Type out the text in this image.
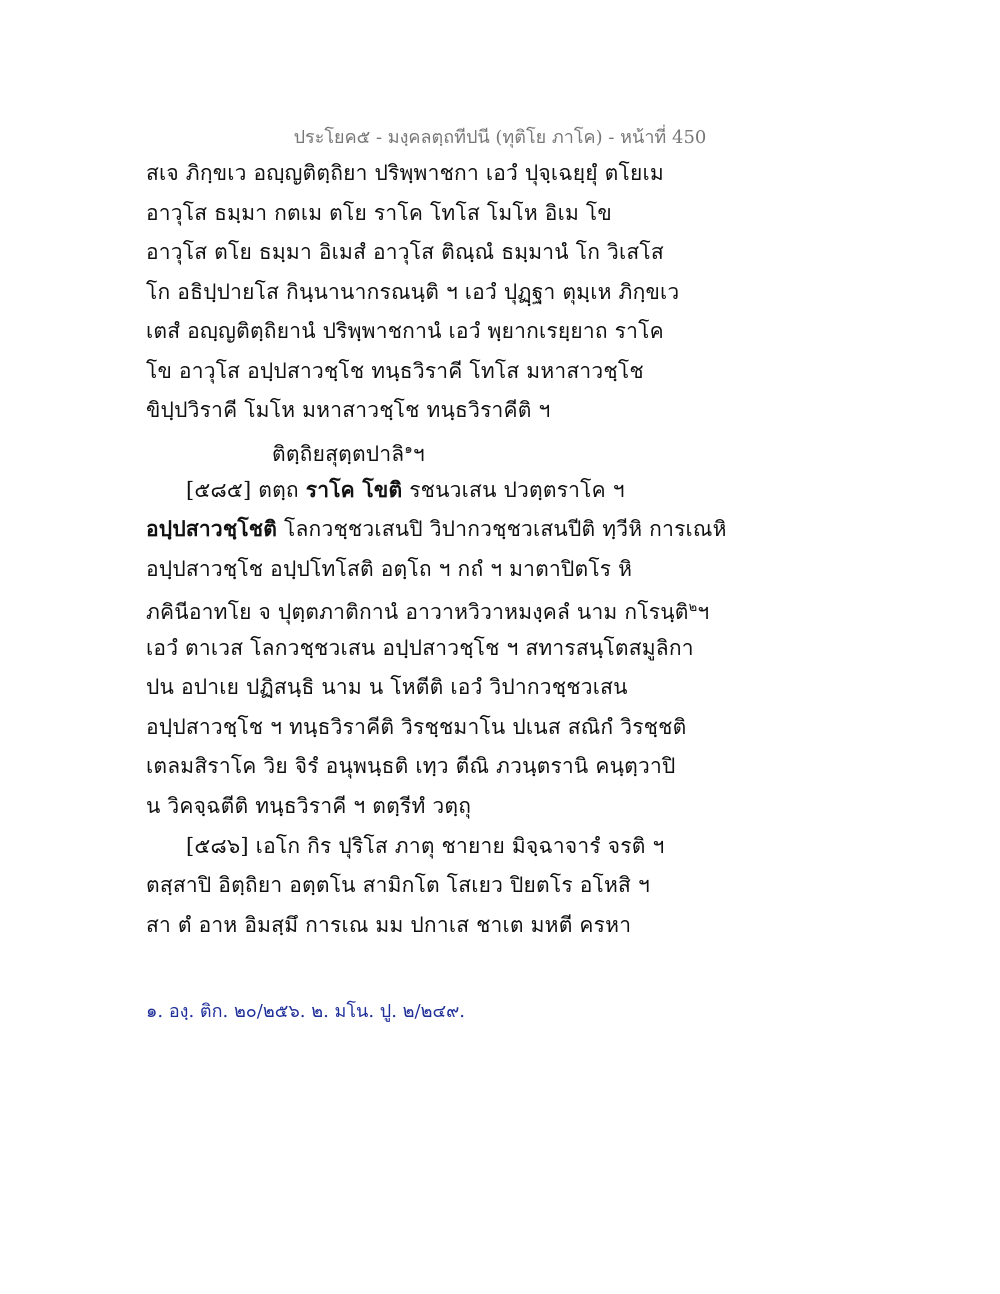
ประโยค๕ - มงฺคลตฺถทีปนี (ทุติโย ภาโค) - หน้าที่ 450
สเจ ภิกฺขเว อญฺญติตฺถิยา ปริพฺพาชกา เอวํ ปุจฺเฉยฺยุํ ตโยเม
อาวุโส ธมฺมา กตเม ตโย ราโค โทโส โมโห อิเม โข
อาวุโส ตโย ธมฺมา อิเมสํ อาวุโส ติณฺณํ ธมฺมานํ โก วิเสโส
โก อธิปฺปายโส กินฺนานากรณนฺติ ฯ เอวํ ปุฏฺฐา ตุมฺเห ภิกฺขเว
เตสํ อญฺญติตฺถิยานํ ปริพฺพาชกานํ เอวํ พฺยากเรยฺยาถ ราโค
โข อาวุโส อปฺปสาวชฺโช ทนฺธวิราคี โทโส มหาสาวชฺโช
ขิปฺปวิราคี โมโห มหาสาวชฺโช ทนฺธวิราคีติ ฯ
ติตฺถิยสุตฺตปาลิ$^๑$ฯ
[๕๘๕] ตตฺถ ราโค โขติ รชนวเสน ปวตฺตราโค ฯ
อปฺปสาวชฺโชติ โลกวชฺชวเสนปิ วิปากวชฺชวเสนปีติ ทฺวีหิ การเณหิ
อปฺปสาวชฺโช อปฺปโทโสติ อตฺโถ ฯ กถํ ฯ มาตาปิตโร หิ
ภคินีอาทโย จ ปุตฺตภาติกานํ อาวาหวิวาหมงฺคลํ นาม กโรนฺติ$^๒$ฯ
เอวํ ตาเวส โลกวชฺชวเสน อปฺปสาวชฺโช ฯ สทารสนฺโตสมูลิกา
ปน อปาเย ปฏิสนฺธิ นาม น โหตีติ เอวํ วิปากวชฺชวเสน
อปฺปสาวชฺโช ฯ ทนฺธวิราคีติ วิรชฺชมาโน ปเนส สณิกํ วิรชฺชติ
เตลมสิราโค วิย จิรํ อนุพนฺธติ เทฺว ตีณิ ภวนฺตรานิ คนฺตฺวาปิ
น วิคจฺฉตีติ ทนฺธวิราคี ฯ ตตฺรีทํ วตฺถุ
[๕๘๖] เอโก กิร ปุริโส ภาตุ ชายาย มิจฺฉาจารํ จรติ ฯ
ตสฺสาปิ อิตฺถิยา อตฺตโน สามิกโต โสเยว ปิยตโร อโหสิ ฯ
สา ตํ อาห อิมสฺมึ การเณ มม ปกาเส ชาเต มหตี ครหา
๑. องฺ. ติก. ๒๐/๒๕๖. ๒. มโน. ปู. ๒/๒๔๙.
